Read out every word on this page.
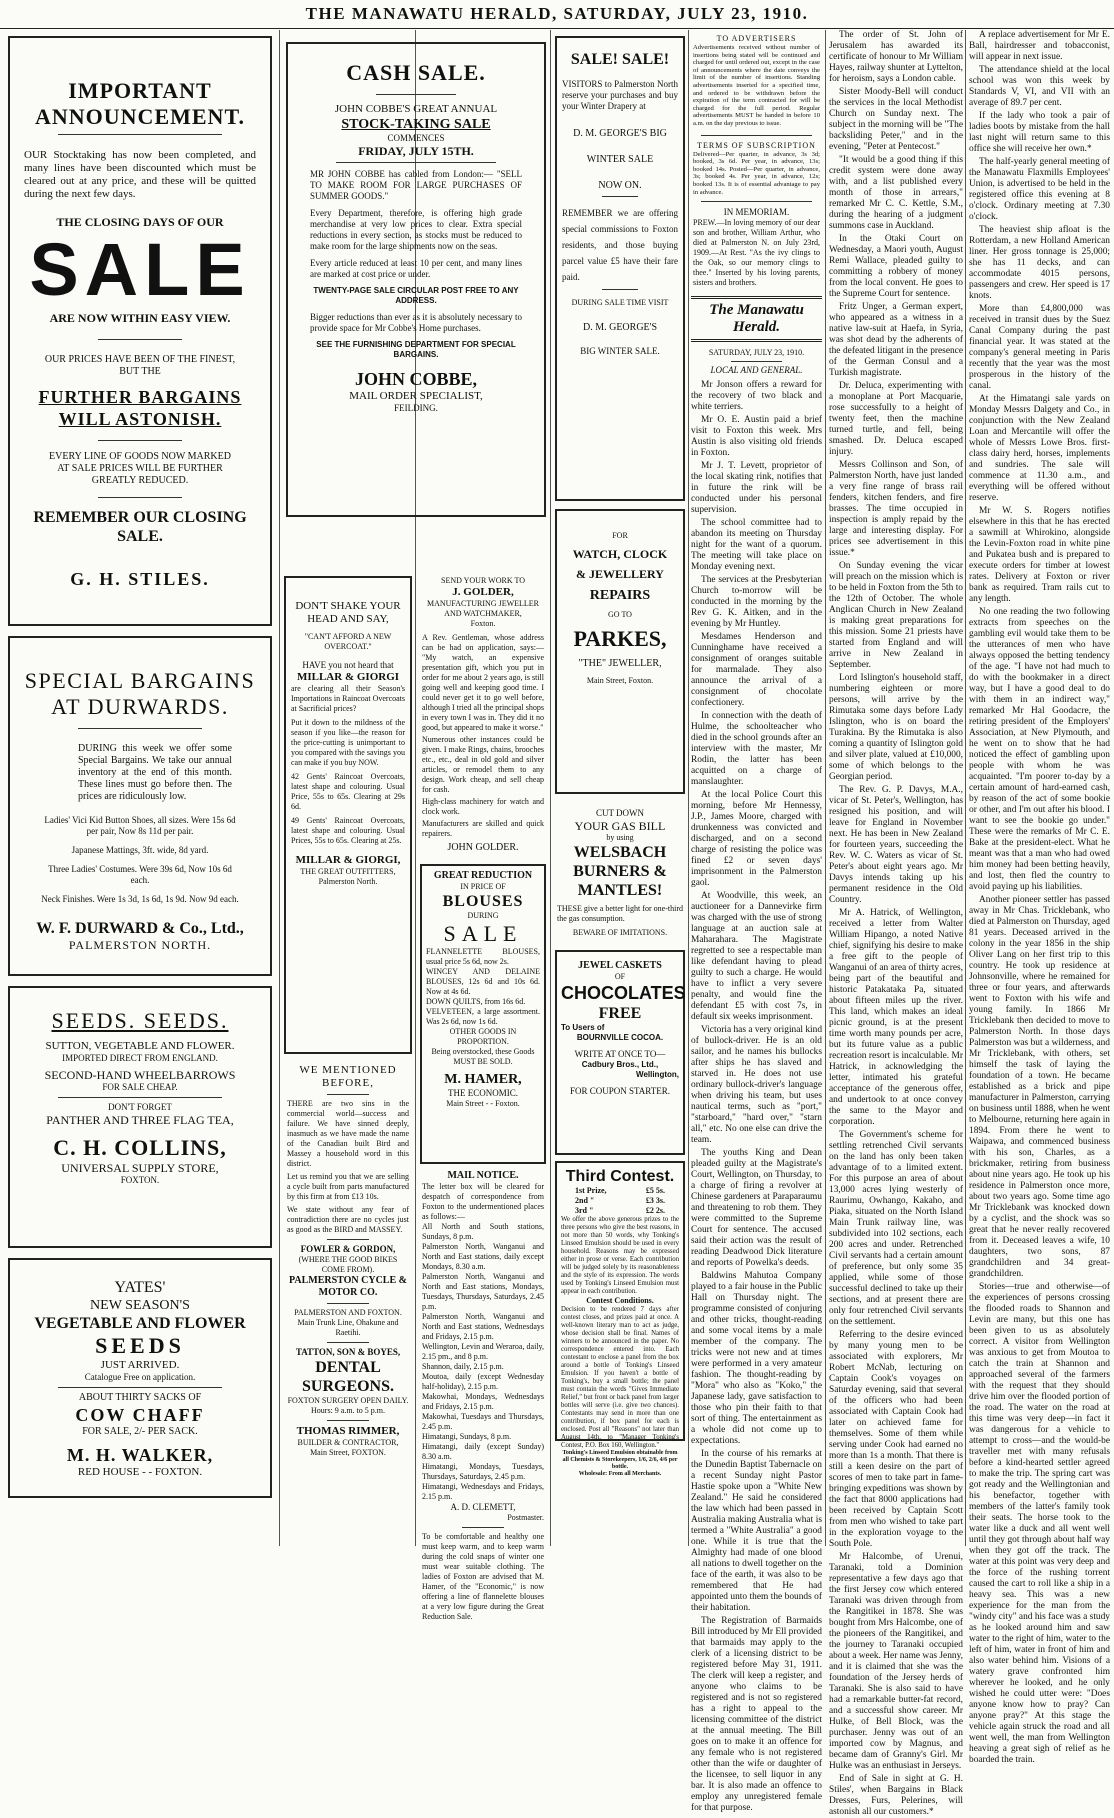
THE MANAWATU HERALD, SATURDAY, JULY 23, 1910.
IMPORTANT ANNOUNCEMENT.
OUR Stocktaking has now been completed, and many lines have been discounted which must be cleared out at any price, and these will be quitted during the next few days.
THE CLOSING DAYS OF OUR
SALE
ARE NOW WITHIN EASY VIEW.
OUR PRICES HAVE BEEN OF THE FINEST, BUT THE
FURTHER BARGAINS WILL ASTONISH.
EVERY LINE OF GOODS NOW MARKED AT SALE PRICES WILL BE FURTHER GREATLY REDUCED.
REMEMBER OUR CLOSING SALE.
G. H. STILES.
SPECIAL BARGAINS AT DURWARDS.
DURING this week we offer some Special Bargains. We take our annual inventory at the end of this month. These lines must go before then. The prices are ridiculously low.
Ladies' Vici Kid Button Shoes, all sizes. Were 15s 6d per pair, Now 8s 11d per pair.
Japanese Mattings, 3ft. wide, 8d yard.
Three Ladies' Costumes. Were 39s 6d, Now 10s 6d each.
Neck Finishes. Were 1s 3d, 1s 6d, 1s 9d. Now 9d each.
W. F. DURWARD & Co., Ltd.,
PALMERSTON NORTH.
SEEDS. SEEDS.
SUTTON, VEGETABLE AND FLOWER.
IMPORTED DIRECT FROM ENGLAND.
SECOND-HAND WHEELBARROWS
FOR SALE CHEAP.
DON'T FORGET
PANTHER AND THREE FLAG TEA,
C. H. COLLINS,
UNIVERSAL SUPPLY STORE,
FOXTON.
YATES'
NEW SEASON'S
VEGETABLE AND FLOWER
SEEDS
JUST ARRIVED.
Catalogue Free on application.
ABOUT THIRTY SACKS OF
COW CHAFF
FOR SALE, 2/- PER SACK.
M. H. WALKER,
RED HOUSE - - FOXTON.
CASH SALE.
JOHN COBBE'S GREAT ANNUAL
STOCK-TAKING SALE
COMMENCES
FRIDAY, JULY 15TH.
MR JOHN COBBE has cabled from London:— "SELL TO MAKE ROOM FOR LARGE PURCHASES OF SUMMER GOODS."
Every Department, therefore, is offering high grade merchandise at very low prices to clear. Extra special reductions in every section, as stocks must be reduced to make room for the large shipments now on the seas.
Every article reduced at least 10 per cent, and many lines are marked at cost price or under.
TWENTY-PAGE SALE CIRCULAR POST FREE TO ANY ADDRESS.
Bigger reductions than ever as it is absolutely necessary to provide space for Mr Cobbe's Home purchases.
SEE THE FURNISHING DEPARTMENT FOR SPECIAL BARGAINS.
JOHN COBBE,
MAIL ORDER SPECIALIST,
FEILDING.
DON'T SHAKE YOUR HEAD AND SAY,
"CAN'T AFFORD A NEW OVERCOAT."
HAVE you not heard that
MILLAR & GIORGI
are clearing all their Season's Importations in Raincoat Overcoats at Sacrificial prices?
Put it down to the mildness of the season if you like—the reason for the price-cutting is unimportant to you compared with the savings you can make if you buy NOW.
42 Gents' Raincoat Overcoats, latest shape and colouring. Usual Price, 55s to 65s. Clearing at 29s 6d.
49 Gents' Raincoat Overcoats, latest shape and colouring. Usual Prices, 55s to 65s. Clearing at 25s.
MILLAR & GIORGI,
THE GREAT OUTFITTERS,
Palmerston North.
WE MENTIONED BEFORE,
THERE are two sins in the commercial world—success and failure. We have sinned deeply, inasmuch as we have made the name of the Canadian built Bird and Massey a household word in this district.
Let us remind you that we are selling a cycle built from parts manufactured by this firm at from £13 10s.
We state without any fear of contradiction there are no cycles just as good as the BIRD and MASSEY.
FOWLER & GORDON,
(WHERE THE GOOD BIKES COME FROM).
PALMERSTON CYCLE & MOTOR CO.
PALMERSTON AND FOXTON.
Main Trunk Line, Ohakune and Raetihi.
TATTON, SON & BOYES,
DENTAL SURGEONS.
FOXTON SURGERY OPEN DAILY.
Hours: 9 a.m. to 5 p.m.
THOMAS RIMMER,
BUILDER & CONTRACTOR,
Main Street, FOXTON.
SEND YOUR WORK TO
J. GOLDER,
MANUFACTURING JEWELLER AND WATCHMAKER,
Foxton.
A Rev. Gentleman, whose address can be had on application, says:— "My watch, an expensive presentation gift, which you put in order for me about 2 years ago, is still going well and keeping good time. I could never get it to go well before, although I tried all the principal shops in every town I was in. They did it no good, but appeared to make it worse."
Numerous other instances could be given. I make Rings, chains, brooches etc., etc., deal in old gold and silver articles, or remodel them to any design. Work cheap, and sell cheap for cash.
High-class machinery for watch and clock work.
Manufacturers are skilled and quick repairers.
JOHN GOLDER.
GREAT REDUCTION
IN PRICE OF
BLOUSES
DURING
SALE
FLANNELETTE BLOUSES, usual price 5s 6d, now 2s.
WINCEY AND DELAINE BLOUSES, 12s 6d and 10s 6d. Now at 4s 6d.
DOWN QUILTS, from 16s 6d.
VELVETEEN, a large assortment. Was 2s 6d, now 1s 6d.
OTHER GOODS IN PROPORTION.
Being overstocked, these Goods MUST BE SOLD.
M. HAMER,
THE ECONOMIC.
Main Street - - Foxton.
MAIL NOTICE.
The letter box will be cleared for despatch of correspondence from Foxton to the undermentioned places as follows:—
All North and South stations, Sundays, 8 p.m.
Palmerston North, Wanganui and North and East stations, daily except Mondays, 8.30 a.m.
Palmerston North, Wanganui and North and East stations, Mondays, Tuesdays, Thursdays, Saturdays, 2.45 p.m.
Palmerston North, Wanganui and North and East stations, Wednesdays and Fridays, 2.15 p.m.
Wellington, Levin and Weraroa, daily, 2.15 pm., and 8 p.m.
Shannon, daily, 2.15 p.m.
Moutoa, daily (except Wednesday half-holiday), 2.15 p.m.
Makowhai, Mondays, Wednesdays and Fridays, 2.15 p.m.
Makowhai, Tuesdays and Thursdays, 2.45 p.m.
Himatangi, Sundays, 8 p.m.
Himatangi, daily (except Sunday) 8.30 a.m.
Himatangi, Mondays, Tuesdays, Thursdays, Saturdays, 2.45 p.m.
Himatangi, Wednesdays and Fridays, 2.15 p.m.
A. D. CLEMETT,
Postmaster.
To be comfortable and healthy one must keep warm, and to keep warm during the cold snaps of winter one must wear suitable clothing. The ladies of Foxton are advised that M. Hamer, of the "Economic," is now offering a line of flannelette blouses at a very low figure during the Great Reduction Sale.
SALE! SALE!
VISITORS to Palmerston North reserve your purchases and buy your Winter Drapery at
D. M. GEORGE'S BIG
WINTER SALE
NOW ON.
REMEMBER we are offering special commissions to Foxton residents, and those buying parcel value £5 have their fare paid.
DURING SALE TIME VISIT
D. M. GEORGE'S
BIG WINTER SALE.
FOR
WATCH, CLOCK
& JEWELLERY
REPAIRS
GO TO
PARKES,
"THE" JEWELLER,
Main Street, Foxton.
CUT DOWN
YOUR GAS BILL
by using
WELSBACH
BURNERS &
MANTLES!
THESE give a better light for one-third the gas consumption.
BEWARE OF IMITATIONS.
JEWEL CASKETS
OF
CHOCOLATES
FREE
To Users of
BOURNVILLE COCOA.
WRITE AT ONCE TO—
Cadbury Bros., Ltd.,
Wellington,
FOR COUPON STARTER.
Third Contest.
1st Prize,	£5 5s.
2nd "	£3 3s.
3rd "	£2 2s.
We offer the above generous prizes to the three persons who give the best reasons, in not more than 50 words, why Tonking's Linseed Emulsion should be used in every household. Reasons may be expressed either in prose or verse. Each contribution will be judged solely by its reasonableness and the style of its expression. The words used by Tonking's Linseed Emulsion must appear in each contribution.
Contest Conditions.
Decision to be rendered 7 days after contest closes, and prizes paid at once. A well-known literary man to act as judge, whose decision shall be final. Names of winners to be announced in the paper. No correspondence entered into. Each contestant to enclose a panel from the box around a bottle of Tonking's Linseed Emulsion. If you haven't a bottle of Tonking's, buy a small bottle; the panel must contain the words "Gives Immediate Relief," but front or back panel from larger bottles will serve (i.e. give two chances). Contestants may send in more than one contribution, if box panel for each is enclosed. Post all "Reasons" not later than August 14th, to "Manager Tonking's Contest, P.O. Box 160, Wellington."
Tonking's Linseed Emulsion obtainable from all Chemists & Storekeepers, 1/6, 2/6, 4/6 per bottle.
Wholesale: From all Merchants.
TO ADVERTISERS
Advertisements received without number of insertions being stated will be continued and charged for until ordered out, except in the case of announcements where the date conveys the limit of the number of insertions. Standing advertisements inserted for a specified time, and ordered to be withdrawn before the expiration of the term contracted for will be charged for the full period. Regular advertisements MUST be handed in before 10 a.m. on the day previous to issue.
TERMS OF SUBSCRIPTION
Delivered—Per quarter, in advance, 3s 3d; booked, 3s 6d. Per year, in advance, 13s; booked 14s. Posted—Per quarter, in advance, 3s; booked 4s. Per year, in advance, 12s; booked 13s. It is of essential advantage to pay in advance.
IN MEMORIAM.
PREW.—In loving memory of our dear son and brother, William Arthur, who died at Palmerston N. on July 23rd, 1909.—At Rest. "As the ivy clings to the Oak, so our memory clings to thee." Inserted by his loving parents, sisters and brothers.
The Manawatu Herald.
SATURDAY, JULY 23, 1910.
LOCAL AND GENERAL.

Mr Jonson offers a reward for the recovery of two black and white terriers.

Mr O. E. Austin paid a brief visit to Foxton this week. Mrs Austin is also visiting old friends in Foxton.

Mr J. T. Levett, proprietor of the local skating rink, notifies that in future the rink will be conducted under his personal supervision.

The school committee had to abandon its meeting on Thursday night for the want of a quorum. The meeting will take place on Monday evening next.

The services at the Presbyterian Church to-morrow will be conducted in the morning by the Rev G. K. Aitken, and in the evening by Mr Huntley.

Mesdames Henderson and Cunninghame have received a consignment of oranges suitable for marmalade. They also announce the arrival of a consignment of chocolate confectionery.

In connection with the death of Hulme, the schoolteacher who died in the school grounds after an interview with the master, Mr Rodin, the latter has been acquitted on a charge of manslaughter.

At the local Police Court this morning, before Mr Hennessy, J.P., James Moore, charged with drunkenness was convicted and discharged, and on a second charge of resisting the police was fined £2 or seven days' imprisonment in the Palmerston gaol.

At Woodville, this week, an auctioneer for a Dannevirke firm was charged with the use of strong language at an auction sale at Maharahara. The Magistrate regretted to see a respectable man like defendant having to plead guilty to such a charge. He would have to inflict a very severe penalty, and would fine the defendant £5 with cost 7s, in default six weeks imprisonment.

Victoria has a very original kind of bullock-driver. He is an old sailor, and he names his bullocks after ships he has slaved and starved in. He does not use ordinary bullock-driver's language when driving his team, but uses nautical terms, such as "port," "starboard," "hard over," "starn all," etc. No one else can drive the team.

The youths King and Dean pleaded guilty at the Magistrate's Court, Wellington, on Thursday, to a charge of firing a revolver at Chinese gardeners at Paraparaumu and threatening to rob them. They were committed to the Supreme Court for sentence. The accused said their action was the result of reading Deadwood Dick literature and reports of Powelka's deeds.

Baldwins Mahutoa Company played to a fair house in the Public Hall on Thursday night. The programme consisted of conjuring and other tricks, thought-reading and some vocal items by a male member of the company. The tricks were not new and at times were performed in a very amateur fashion. The thought-reading by "Mora" who also as "Koko," the Japanese lady, gave satisfaction to those who pin their faith to that sort of thing. The entertainment as a whole did not come up to expectations.

In the course of his remarks at the Dunedin Baptist Tabernacle on a recent Sunday night Pastor Hastie spoke upon a "White New Zealand." He said he considered the law which had been passed in Australia making Australia what is termed a "White Australia" a good one. While it is true that the Almighty had made of one blood all nations to dwell together on the face of the earth, it was also to be remembered that He had appointed unto them the bounds of their habitation.

The Registration of Barmaids Bill introduced by Mr Ell provided that barmaids may apply to the clerk of a licensing district to be registered before May 31, 1911. The clerk will keep a register, and anyone who claims to be registered and is not so registered has a right to appeal to the licensing committee of the district at the annual meeting. The Bill goes on to make it an offence for any female who is not registered other than the wife or daughter of the licensee, to sell liquor in any bar. It is also made an offence to employ any unregistered female for that purpose.

The order of St. John of Jerusalem has awarded its certificate of honour to Mr William Hayes, railway shunter at Lyttelton, for heroism, says a London cable.

Sister Moody-Bell will conduct the services in the local Methodist Church on Sunday next. The subject in the morning will be "The backsliding Peter," and in the evening, "Peter at Pentecost."

"It would be a good thing if this credit system were done away with, and a list published every month of those in arrears," remarked Mr C. C. Kettle, S.M., during the hearing of a judgment summons case in Auckland.

In the Otaki Court on Wednesday, a Maori youth, August Remi Wallace, pleaded guilty to committing a robbery of money from the local convent. He goes to the Supreme Court for sentence.

Fritz Unger, a German expert, who appeared as a witness in a native law-suit at Haefa, in Syria, was shot dead by the adherents of the defeated litigant in the presence of the German Consul and a Turkish magistrate.

Dr. Deluca, experimenting with a monoplane at Port Macquarie, rose successfully to a height of twenty feet, then the machine turned turtle, and fell, being smashed. Dr. Deluca escaped injury.

Messrs Collinson and Son, of Palmerston North, have just landed a very fine range of brass rail fenders, kitchen fenders, and fire brasses. The time occupied in inspection is amply repaid by the large and interesting display. For prices see advertisement in this issue.*

On Sunday evening the vicar will preach on the mission which is to be held in Foxton from the 5th to the 12th of October. The whole Anglican Church in New Zealand is making great preparations for this mission. Some 21 priests have started from England and will arrive in New Zealand in September.

Lord Islington's household staff, numbering eighteen or more persons, will arrive by the Rimutaka some days before Lady Islington, who is on board the Turakina. By the Rimutaka is also coming a quantity of Islington gold and silver plate, valued at £10,000, some of which belongs to the Georgian period.

The Rev. G. P. Davys, M.A., vicar of St. Peter's, Wellington, has resigned his position, and will leave for England in November next. He has been in New Zealand for fourteen years, succeeding the Rev. W. C. Waters as vicar of St. Peter's about eight years ago. Mr Davys intends taking up his permanent residence in the Old Country.

Mr A. Hatrick, of Wellington, received a letter from Walter William Hipango, a noted Native chief, signifying his desire to make a free gift to the people of Wanganui of an area of thirty acres, being part of the beautiful and historic Patakataka Pa, situated about fifteen miles up the river. This land, which makes an ideal picnic ground, is at the present time worth many pounds per acre, but its future value as a public recreation resort is incalculable. Mr Hatrick, in acknowledging the letter, intimated his grateful acceptance of the generous offer, and undertook to at once convey the same to the Mayor and corporation.

The Government's scheme for settling retrenched Civil servants on the land has only been taken advantage of to a limited extent. For this purpose an area of about 13,000 acres lying westerly of Raurimu, Owhango, Kakaho, and Piaka, situated on the North Island Main Trunk railway line, was subdivided into 102 sections, each 200 acres and under. Retrenched Civil servants had a certain amount of preference, but only some 35 applied, while some of those successful declined to take up their sections, and at present there are only four retrenched Civil servants on the settlement.

Referring to the desire evinced by many young men to be associated with explorers, Mr Robert McNab, lecturing on Captain Cook's voyages on Saturday evening, said that several of the officers who had been associated with Captain Cook had later on achieved fame for themselves. Some of them while serving under Cook had earned no more than 1s a month. That there is still a keen desire on the part of scores of men to take part in fame-bringing expeditions was shown by the fact that 8000 applications had been received by Captain Scott from men who wished to take part in the exploration voyage to the South Pole.

Mr Halcombe, of Urenui, Taranaki, told a Dominion representative a few days ago that the first Jersey cow which entered Taranaki was driven through from the Rangitikei in 1878. She was bought from Mrs Halcombe, one of the pioneers of the Rangitikei, and the journey to Taranaki occupied about a week. Her name was Jenny, and it is claimed that she was the foundation of the Jersey herds of Taranaki. She is also said to have had a remarkable butter-fat record, and a successful show career. Mr Hulke, of Bell Block, was the purchaser. Jenny was out of an imported cow by Magnus, and became dam of Granny's Girl. Mr Hulke was an enthusiast in Jerseys.

End of Sale in sight at G. H. Stiles', when Bargains in Black Dresses, Furs, Pelerines, will astonish all our customers.*

A replace advertisement for Mr E. Ball, hairdresser and tobacconist, will appear in next issue.

The attendance shield at the local school was won this week by Standards V, VI, and VII with an average of 89.7 per cent.

If the lady who took a pair of ladies boots by mistake from the hall last night will return same to this office she will receive her own.*

The half-yearly general meeting of the Manawatu Flaxmills Employees' Union, is advertised to be held in the registered office this evening at 8 o'clock. Ordinary meeting at 7.30 o'clock.

The heaviest ship afloat is the Rotterdam, a new Holland American liner. Her gross tonnage is 25,000; she has 11 decks, and can accommodate 4015 persons, passengers and crew. Her speed is 17 knots.

More than £4,800,000 was received in transit dues by the Suez Canal Company during the past financial year. It was stated at the company's general meeting in Paris recently that the year was the most prosperous in the history of the canal.

At the Himatangi sale yards on Monday Messrs Dalgety and Co., in conjunction with the New Zealand Loan and Mercantile will offer the whole of Messrs Lowe Bros. first-class dairy herd, horses, implements and sundries. The sale will commence at 11.30 a.m., and everything will be offered without reserve.

Mr W. S. Rogers notifies elsewhere in this that he has erected a sawmill at Whirokino, alongside the Levin-Foxton road in white pine and Pukatea bush and is prepared to execute orders for timber at lowest rates. Delivery at Foxton or river bank as required. Tram rails cut to any length.

No one reading the two following extracts from speeches on the gambling evil would take them to be the utterances of men who have always opposed the betting tendency of the age. "I have not had much to do with the bookmaker in a direct way, but I have a good deal to do with them in an indirect way," remarked Mr Hal Goodacre, the retiring president of the Employers' Association, at New Plymouth, and he went on to show that he had noticed the effect of gambling upon people with whom he was acquainted. "I'm poorer to-day by a certain amount of hard-earned cash, by reason of the act of some bookie or other, and I'm out after his blood. I want to see the bookie go under." These were the remarks of Mr C. E. Bake at the president-elect. What he meant was that a man who had owed him money had been betting heavily, and lost, then fled the country to avoid paying up his liabilities.

Another pioneer settler has passed away in Mr Chas. Tricklebank, who died at Palmerston on Thursday, aged 81 years. Deceased arrived in the colony in the year 1856 in the ship Oliver Lang on her first trip to this country. He took up residence at Johnsonville, where he remained for three or four years, and afterwards went to Foxton with his wife and young family. In 1866 Mr Tricklebank then decided to move to Palmerston North. In those days Palmerston was but a wilderness, and Mr Tricklebank, with others, set himself the task of laying the foundation of a town. He became established as a brick and pipe manufacturer in Palmerston, carrying on business until 1888, when he went to Melbourne, returning here again in 1894. From there he went to Waipawa, and commenced business with his son, Charles, as a brickmaker, retiring from business about nine years ago. He took up his residence in Palmerston once more, about two years ago. Some time ago Mr Tricklebank was knocked down by a cyclist, and the shock was so great that he never really recovered from it. Deceased leaves a wife, 10 daughters, two sons, 87 grandchildren and 34 great-grandchildren.

Stories—true and otherwise—of the experiences of persons crossing the flooded roads to Shannon and Levin are many, but this one has been given to us as absolutely correct. A visitor from Wellington was anxious to get from Moutoa to catch the train at Shannon and approached several of the farmers with the request that they should drive him over the flooded portion of the road. The water on the road at this time was very deep—in fact it was dangerous for a vehicle to attempt to cross—and the would-be traveller met with many refusals before a kind-hearted settler agreed to make the trip. The spring cart was got ready and the Wellingtonian and his benefactor, together with members of the latter's family took their seats. The horse took to the water like a duck and all went well until they got through about half way when they got off the track. The water at this point was very deep and the force of the rushing torrent caused the cart to roll like a ship in a heavy sea. This was a new experience for the man from the "windy city" and his face was a study as he looked around him and saw water to the right of him, water to the left of him, water in front of him and also water behind him. Visions of a watery grave confronted him wherever he looked, and he only wished he could utter were: "Does anyone know how to pray? Can anyone pray?" At this stage the vehicle again struck the road and all went well, the man from Wellington heaving a great sigh of relief as he boarded the train.
